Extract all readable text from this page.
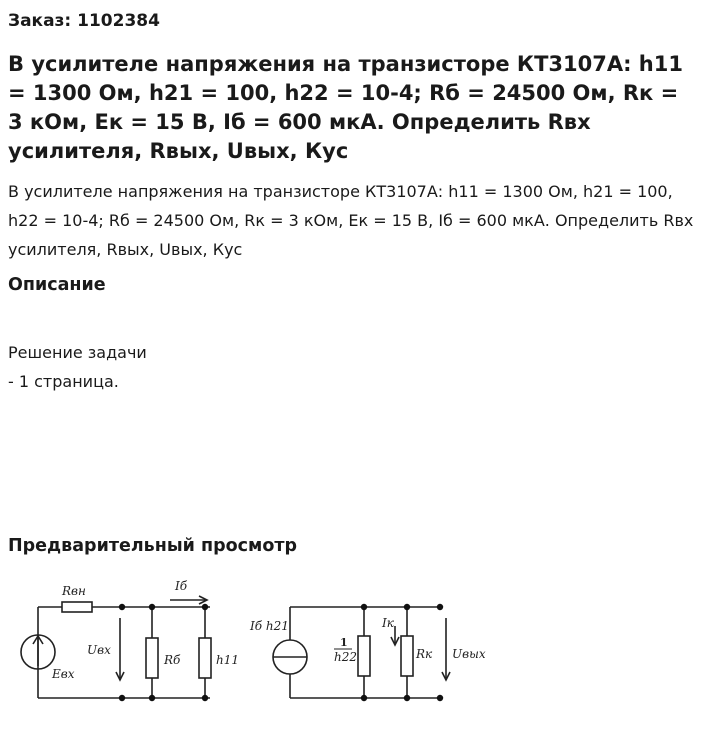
Заказ: 1102384
В усилителе напряжения на транзисторе КТ3107А: h11 = 1300 Ом, h21 = 100, h22 = 10-4; Rб = 24500 Ом, Rк = 3 кОм, Ек = 15 В, Iб = 600 мкА. Определить Rвх усилителя, Rвых, Uвых, Кус

В усилителе напряжения на транзисторе КТ3107А: h11 = 1300 Ом, h21 = 100, h22 = 10-4; Rб = 24500 Ом, Rк = 3 кОм, Ек = 15 В, Iб = 600 мкА. Определить Rвх усилителя, Rвых, Uвых, Кус

Описание
Решение задачи
- 1 страница.
Предварительный просмотр
Rвн	Iб
Uвх
Eвх
Rб	h11
Iб h21
1
h22
Iк
Rк Uвых
